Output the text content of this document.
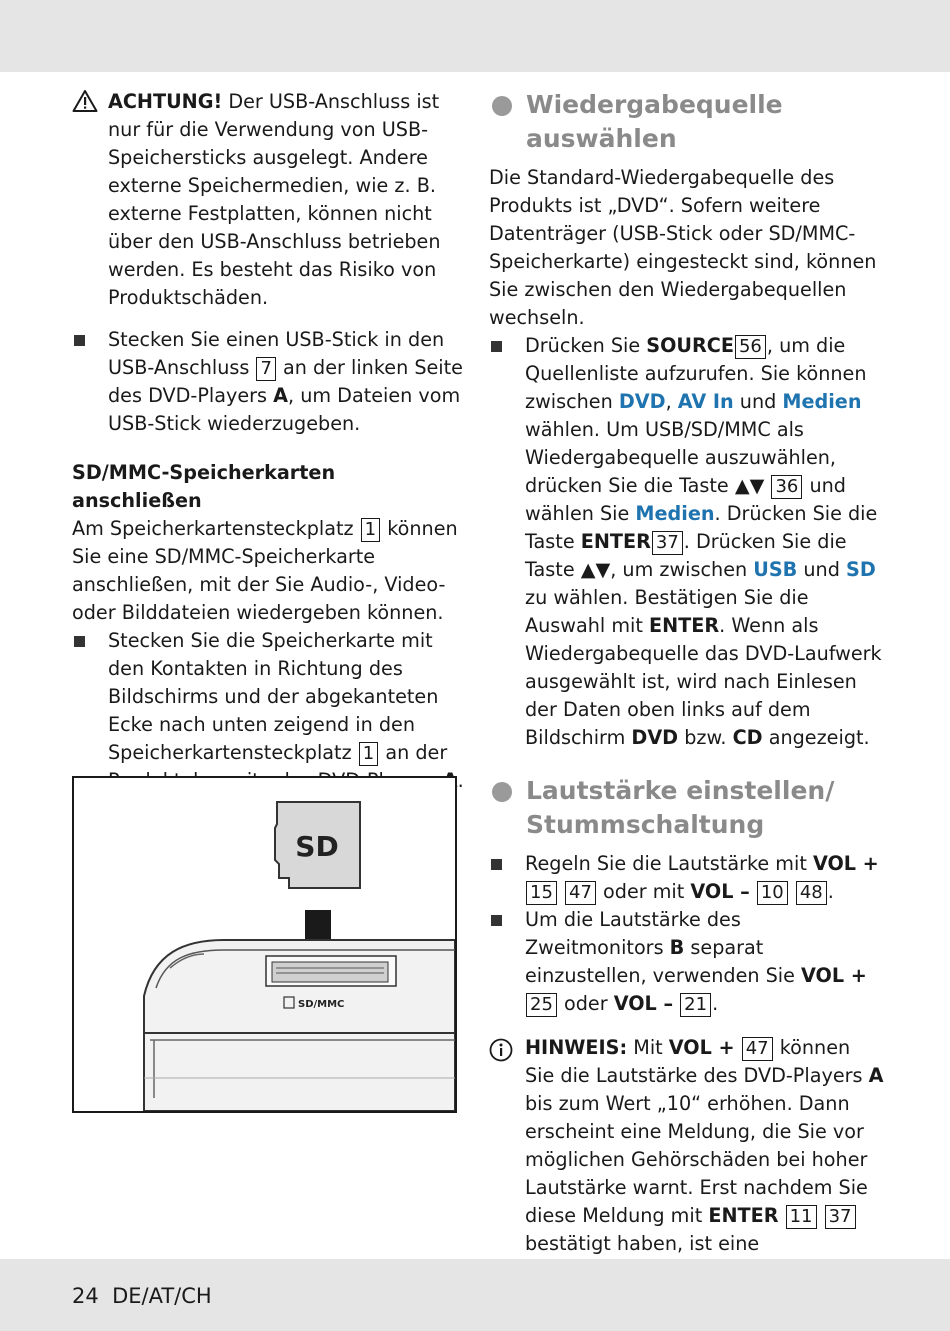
ACHTUNG! Der USB-Anschluss ist nur für die Verwendung von USB-Speichersticks ausgelegt. Andere externe Speichermedien, wie z. B. externe Festplatten, können nicht über den USB-Anschluss betrieben werden. Es besteht das Risiko von Produktschäden.

Stecken Sie einen USB-Stick in den USB-Anschluss 7 an der linken Seite des DVD-Players A, um Dateien vom USB-Stick wiederzugeben.

SD/MMC-Speicherkarten anschließen

Am Speicherkartensteckplatz 1 können Sie eine SD/MMC-Speicherkarte anschließen, mit der Sie Audio-, Video- oder Bilddateien wiedergeben können.

Stecken Sie die Speicherkarte mit den Kontakten in Richtung des Bildschirms und der abgekanteten Ecke nach unten zeigend in den Speicherkartensteckplatz 1 an der .

SD
SD/MMC
Wiedergabequelle auswählen

Die Standard-Wiedergabequelle des Produkts ist „DVD“. Sofern weitere Datenträger (USB-Stick oder SD/MMC-Speicherkarte) eingesteckt sind, können Sie zwischen den Wiedergabequellen wechseln.

Drücken Sie SOURCE 56 , um die Quellenliste aufzurufen. Sie können zwischen DVD, AV In und Medien wählen. Um USB/SD/MMC als Wiedergabequelle auszuwählen, drücken Sie die Taste ▲▼ 36 und wählen Sie Medien. Drücken Sie die Taste ENTER 37 . Drücken Sie die Taste ▲▼, um zwischen USB und SD zu wählen. Bestätigen Sie die Auswahl mit ENTER. Wenn als Wiedergabequelle das DVD-Laufwerk ausgewählt ist, wird nach Einlesen der Daten oben links auf dem Bildschirm DVD bzw. CD angezeigt.

Lautstärke einstellen/ Stummschaltung

Regeln Sie die Lautstärke mit VOL + 15 47 oder mit VOL – 10 48 .

Um die Lautstärke des Zweitmonitors B separat einzustellen, verwenden Sie VOL + 25 oder VOL – 21 .

HINWEIS: Mit VOL + 47 können Sie die Lautstärke des DVD-Players A bis zum Wert „10“ erhöhen. Dann erscheint eine Meldung, die Sie vor möglichen Gehörschäden bei hoher Lautstärke warnt. Erst nachdem Sie diese Meldung mit ENTER 11 37 bestätigt haben, ist eine

24 DE/AT/CH
